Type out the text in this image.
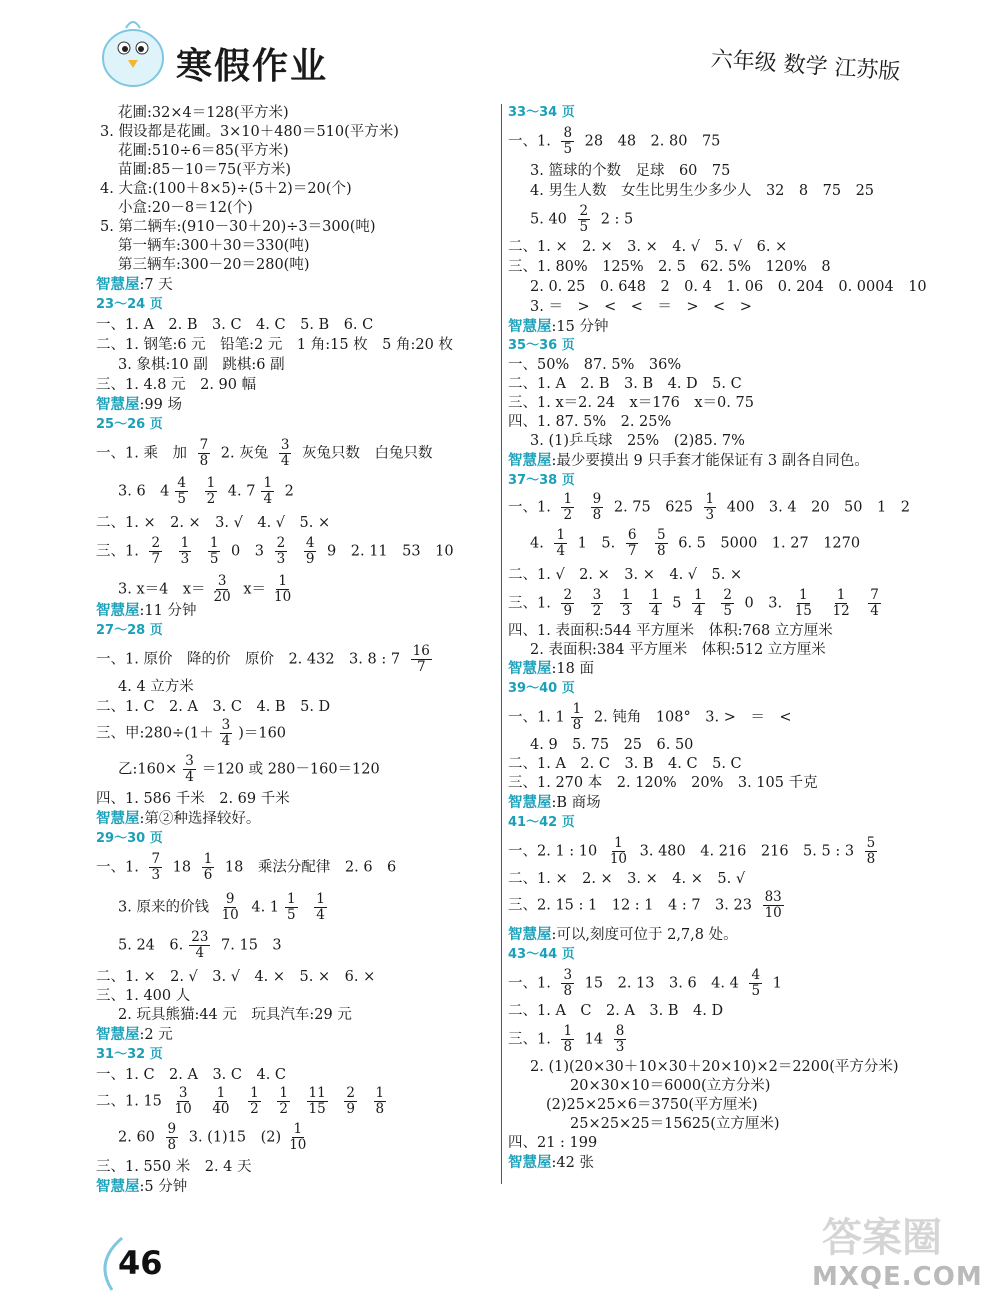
寒假作业	六年级 数学 江苏版
花圃:32×4＝128(平方米)
3. 假设都是花圃。3×10＋480＝510(平方米)
花圃:510÷6＝85(平方米)
苗圃:85－10＝75(平方米)
4. 大盒:(100＋8×5)÷(5＋2)＝20(个)
小盒:20－8＝12(个)
5. 第二辆车:(910－30＋20)÷3＝300(吨)
第一辆车:300＋30＝330(吨)
第三辆车:300－20＝280(吨)
智慧屋:7 天
23～24 页
一、1. A　2. B　3. C　4. C　5. B　6. C
二、1. 钢笔:6 元　铅笔:2 元　1 角:15 枚　5 角:20 枚
3. 象棋:10 副　跳棋:6 副
三、1. 4.8 元　2. 90 幅
智慧屋:99 场
25～26 页
一、1. 乘　加 $\frac{7}{8} 2$. 灰兔 $\frac{3}{4}$ 灰兔只数　白兔只数
3. 6　$4 \frac{4}{5}$
$\frac{1}{2} 4$. $7 \frac{1}{4} 2$
二、1. ×　2. ×　3. √　4. √　5. ×
三、1. $\frac{2}{7}$
$\frac{1}{3}$
$\frac{1}{5} 0$　$3 \frac{2}{3}$
$\frac{4}{9} 9$　2. 11　53　10
3. x＝4　$x= \frac{3}{20} x= \frac{1}{10}$
智慧屋:11 分钟
27～28 页
一、1. 原价　降的价　原价　2. 432　3. 8 : $7 \frac{16}{7}$
4. 4 立方米
二、1. C　2. A　3. C　4. B　5. D
三、甲:280÷(1＋ $\frac{3}{4} )=160$
乙:160× $\frac{3}{4} =120$ 或 280－160＝120
四、1. 586 千米　2. 69 千米
智慧屋:第②种选择较好。
29～30 页
一、1. $\frac{7}{3} 18 \frac{1}{6} 18$　乘法分配律　2. 6　6
3. 原来的价钱 $\frac{9}{10} 4$. $1 \frac{1}{5}$
$\frac{1}{4}$
5. 24　6. $\frac{23}{4} 7$. 15　3
二、1. ×　2. √　3. √　4. ×　5. ×　6. ×
三、1. 400 人
2. 玩具熊猫:44 元　玩具汽车:29 元
智慧屋:2 元
31～32 页
一、1. C　2. A　3. C　4. C
二、1. $15 \frac{3}{10}$
$\frac{1}{40}$
$\frac{1}{2}$
$\frac{1}{2}$
$\frac{11}{15}$
$\frac{2}{9}$
$\frac{1}{8}$
2. $60 \frac{9}{8} 3$. (1)15　$(2) \frac{1}{10}$
三、1. 550 米　2. 4 天
智慧屋:5 分钟
33～34 页
一、1. $\frac{8}{5} 28$　48　2. 80　75
3. 篮球的个数　足球　60　75
4. 男生人数　女生比男生少多少人　32　8　75　25
5. $40 \frac{2}{5} 2$ : 5
二、1. ×　2. ×　3. ×　4. √　5. √　6. ×
三、1. 80%　125%　2. 5　62. 5%　120%　8
2. 0. 25　0. 648　2　0. 4　1. 06　0. 204　0. 0004　10
3. ＝　>　<　<　＝　>　<　>
智慧屋:15 分钟
35～36 页
一、50%　87. 5%　36%
二、1. A　2. B　3. B　4. D　5. C
三、1. x＝2. 24　x＝176　x＝0. 75
四、1. 87. 5%　2. 25%
3. (1)乒乓球　25%　(2)85. 7%
智慧屋:最少要摸出 9 只手套才能保证有 3 副各自同色。
37～38 页
一、1. $\frac{1}{2}$
$\frac{9}{8} 2$. 75　$625 \frac{1}{3} 400$　3. 4　20　50　1　2
4. $\frac{1}{4} 1$　5. $\frac{6}{7}$
$\frac{5}{8} 6$. 5　5000　1. 27　1270
二、1. √　2. ×　3. ×　4. √　5. ×
三、1. $\frac{2}{9}$
$\frac{3}{2}$
$\frac{1}{3}$
$\frac{1}{4} 5 \frac{1}{4}$
$\frac{2}{5} 0$　3. $\frac{1}{15}$
$\frac{1}{12}$
$\frac{7}{4}$
四、1. 表面积:544 平方厘米　体积:768 立方厘米
2. 表面积:384 平方厘米　体积:512 立方厘米
智慧屋:18 面
39～40 页
一、1. $1 \frac{1}{8} 2$. 钝角　108°　3. >　＝　<
4. 9　5. 75　25　6. 50
二、1. A　2. C　3. B　4. C　5. C
三、1. 270 本　2. 120%　20%　3. 105 千克
智慧屋:B 商场
41～42 页
一、2. 1 : $10 \frac{1}{10} 3$. 480　4. 216　216　5. 5 : $3 \frac{5}{8}$
二、1. ×　2. ×　3. ×　4. ×　5. √
三、2. 15 : 1　12 : 1　4 : 7　3. $23 \frac{83}{10}$
智慧屋:可以,刻度可位于 2,7,8 处。
43～44 页
一、1. $\frac{3}{8} 15$　2. 13　3. 6　4. $4 \frac{4}{5} 1$
二、1. A　C　2. A　3. B　4. D
三、1. $\frac{1}{8} 14 \frac{8}{3}$
2. (1)(20×30＋10×30＋20×10)×2＝2200(平方分米)
20×30×10＝6000(立方分米)
(2)25×25×6＝3750(平方厘米)
25×25×25＝15625(立方厘米)
四、21 : 199
智慧屋:42 张
46
答案圈
MXQE.COM
